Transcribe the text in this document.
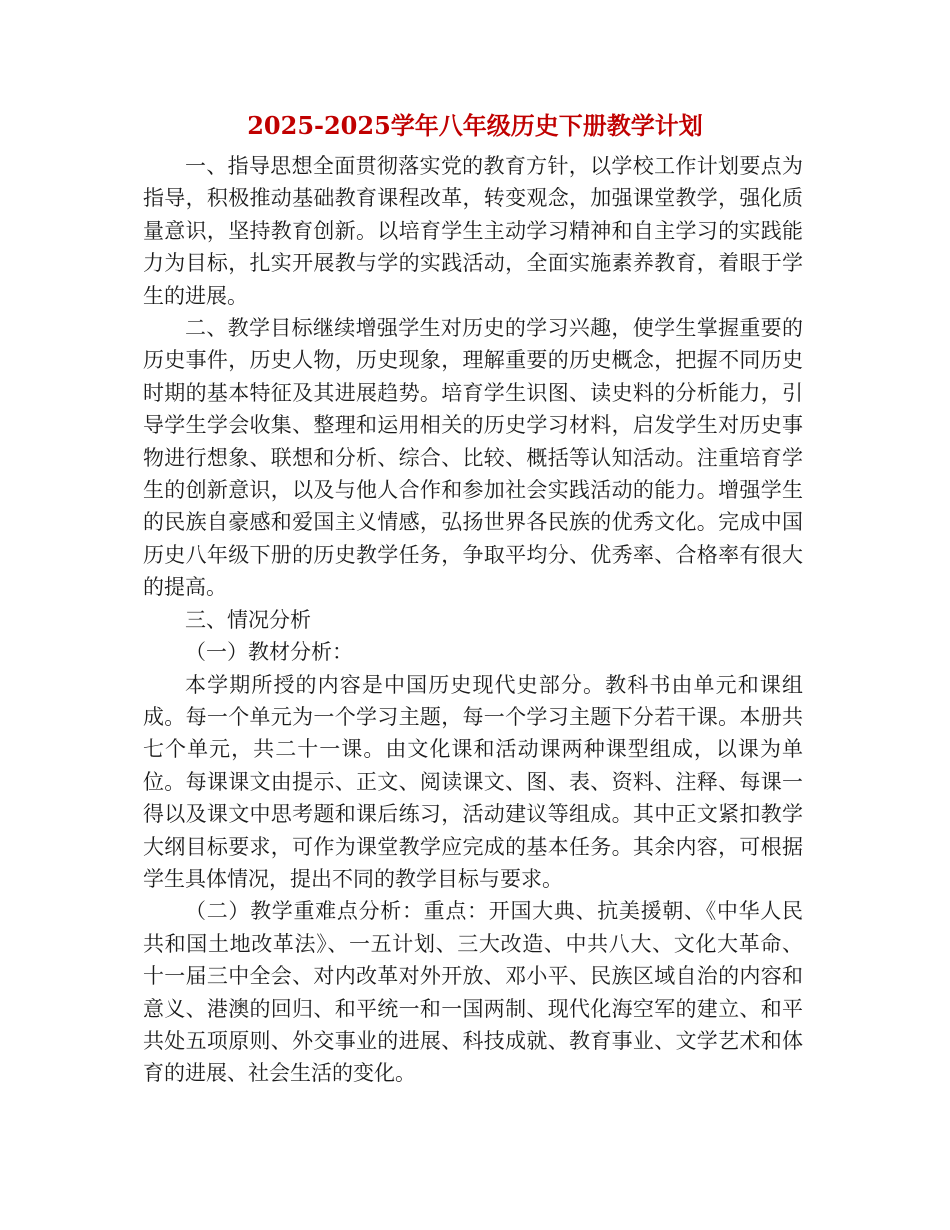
2025-2025学年八年级历史下册教学计划

一、指导思想全面贯彻落实党的教育方针，以学校工作计划要点为指导，积极推动基础教育课程改革，转变观念，加强课堂教学，强化质量意识，坚持教育创新。以培育学生主动学习精神和自主学习的实践能力为目标，扎实开展教与学的实践活动，全面实施素养教育，着眼于学生的进展。

二、教学目标继续增强学生对历史的学习兴趣，使学生掌握重要的历史事件，历史人物，历史现象，理解重要的历史概念，把握不同历史时期的基本特征及其进展趋势。培育学生识图、读史料的分析能力，引导学生学会收集、整理和运用相关的历史学习材料，启发学生对历史事物进行想象、联想和分析、综合、比较、概括等认知活动。注重培育学生的创新意识，以及与他人合作和参加社会实践活动的能力。增强学生的民族自豪感和爱国主义情感，弘扬世界各民族的优秀文化。完成中国历史八年级下册的历史教学任务，争取平均分、优秀率、合格率有很大的提高。

三、情况分析

（一）教材分析：

本学期所授的内容是中国历史现代史部分。教科书由单元和课组成。每一个单元为一个学习主题，每一个学习主题下分若干课。本册共七个单元，共二十一课。由文化课和活动课两种课型组成，以课为单位。每课课文由提示、正文、阅读课文、图、表、资料、注释、每课一得以及课文中思考题和课后练习，活动建议等组成。其中正文紧扣教学大纲目标要求，可作为课堂教学应完成的基本任务。其余内容，可根据学生具体情况，提出不同的教学目标与要求。

（二）教学重难点分析：重点：开国大典、抗美援朝、《中华人民共和国土地改革法》、一五计划、三大改造、中共八大、文化大革命、十一届三中全会、对内改革对外开放、邓小平、民族区域自治的内容和意义、港澳的回归、和平统一和一国两制、现代化海空军的建立、和平共处五项原则、外交事业的进展、科技成就、教育事业、文学艺术和体育的进展、社会生活的变化。
